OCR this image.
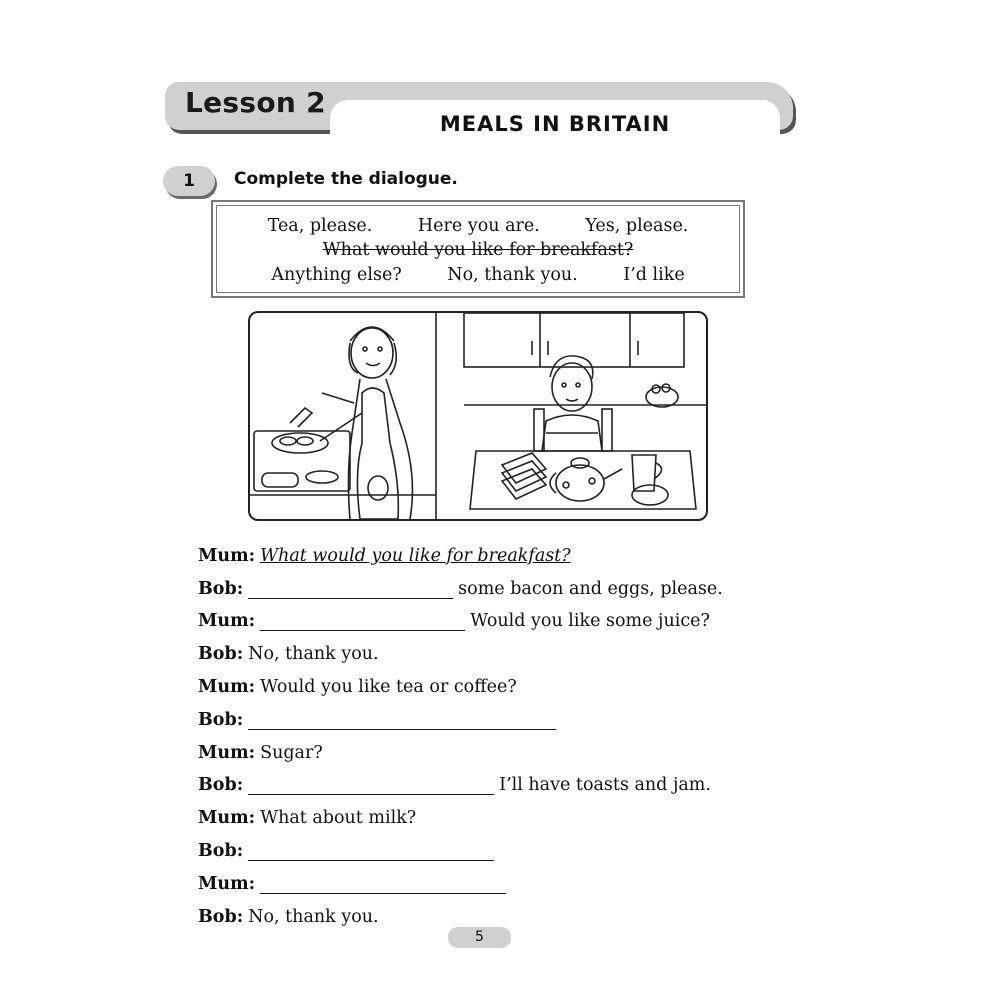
Lesson 2
MEALS IN BRITAIN
1	Complete the dialogue.
Tea, please.	Here you are.	Yes, please.
What would you like for breakfast?
Anything else?	No, thank you.	I’d like
Mum: What would you like for breakfast?
Bob:	some bacon and eggs, please.
Mum:	Would you like some juice?
Bob: No, thank you.
Mum: Would you like tea or coffee?
Bob:
Mum: Sugar?
Bob:	I’ll have toasts and jam.
Mum: What about milk?
Bob:
Mum:
Bob: No, thank you.
5
